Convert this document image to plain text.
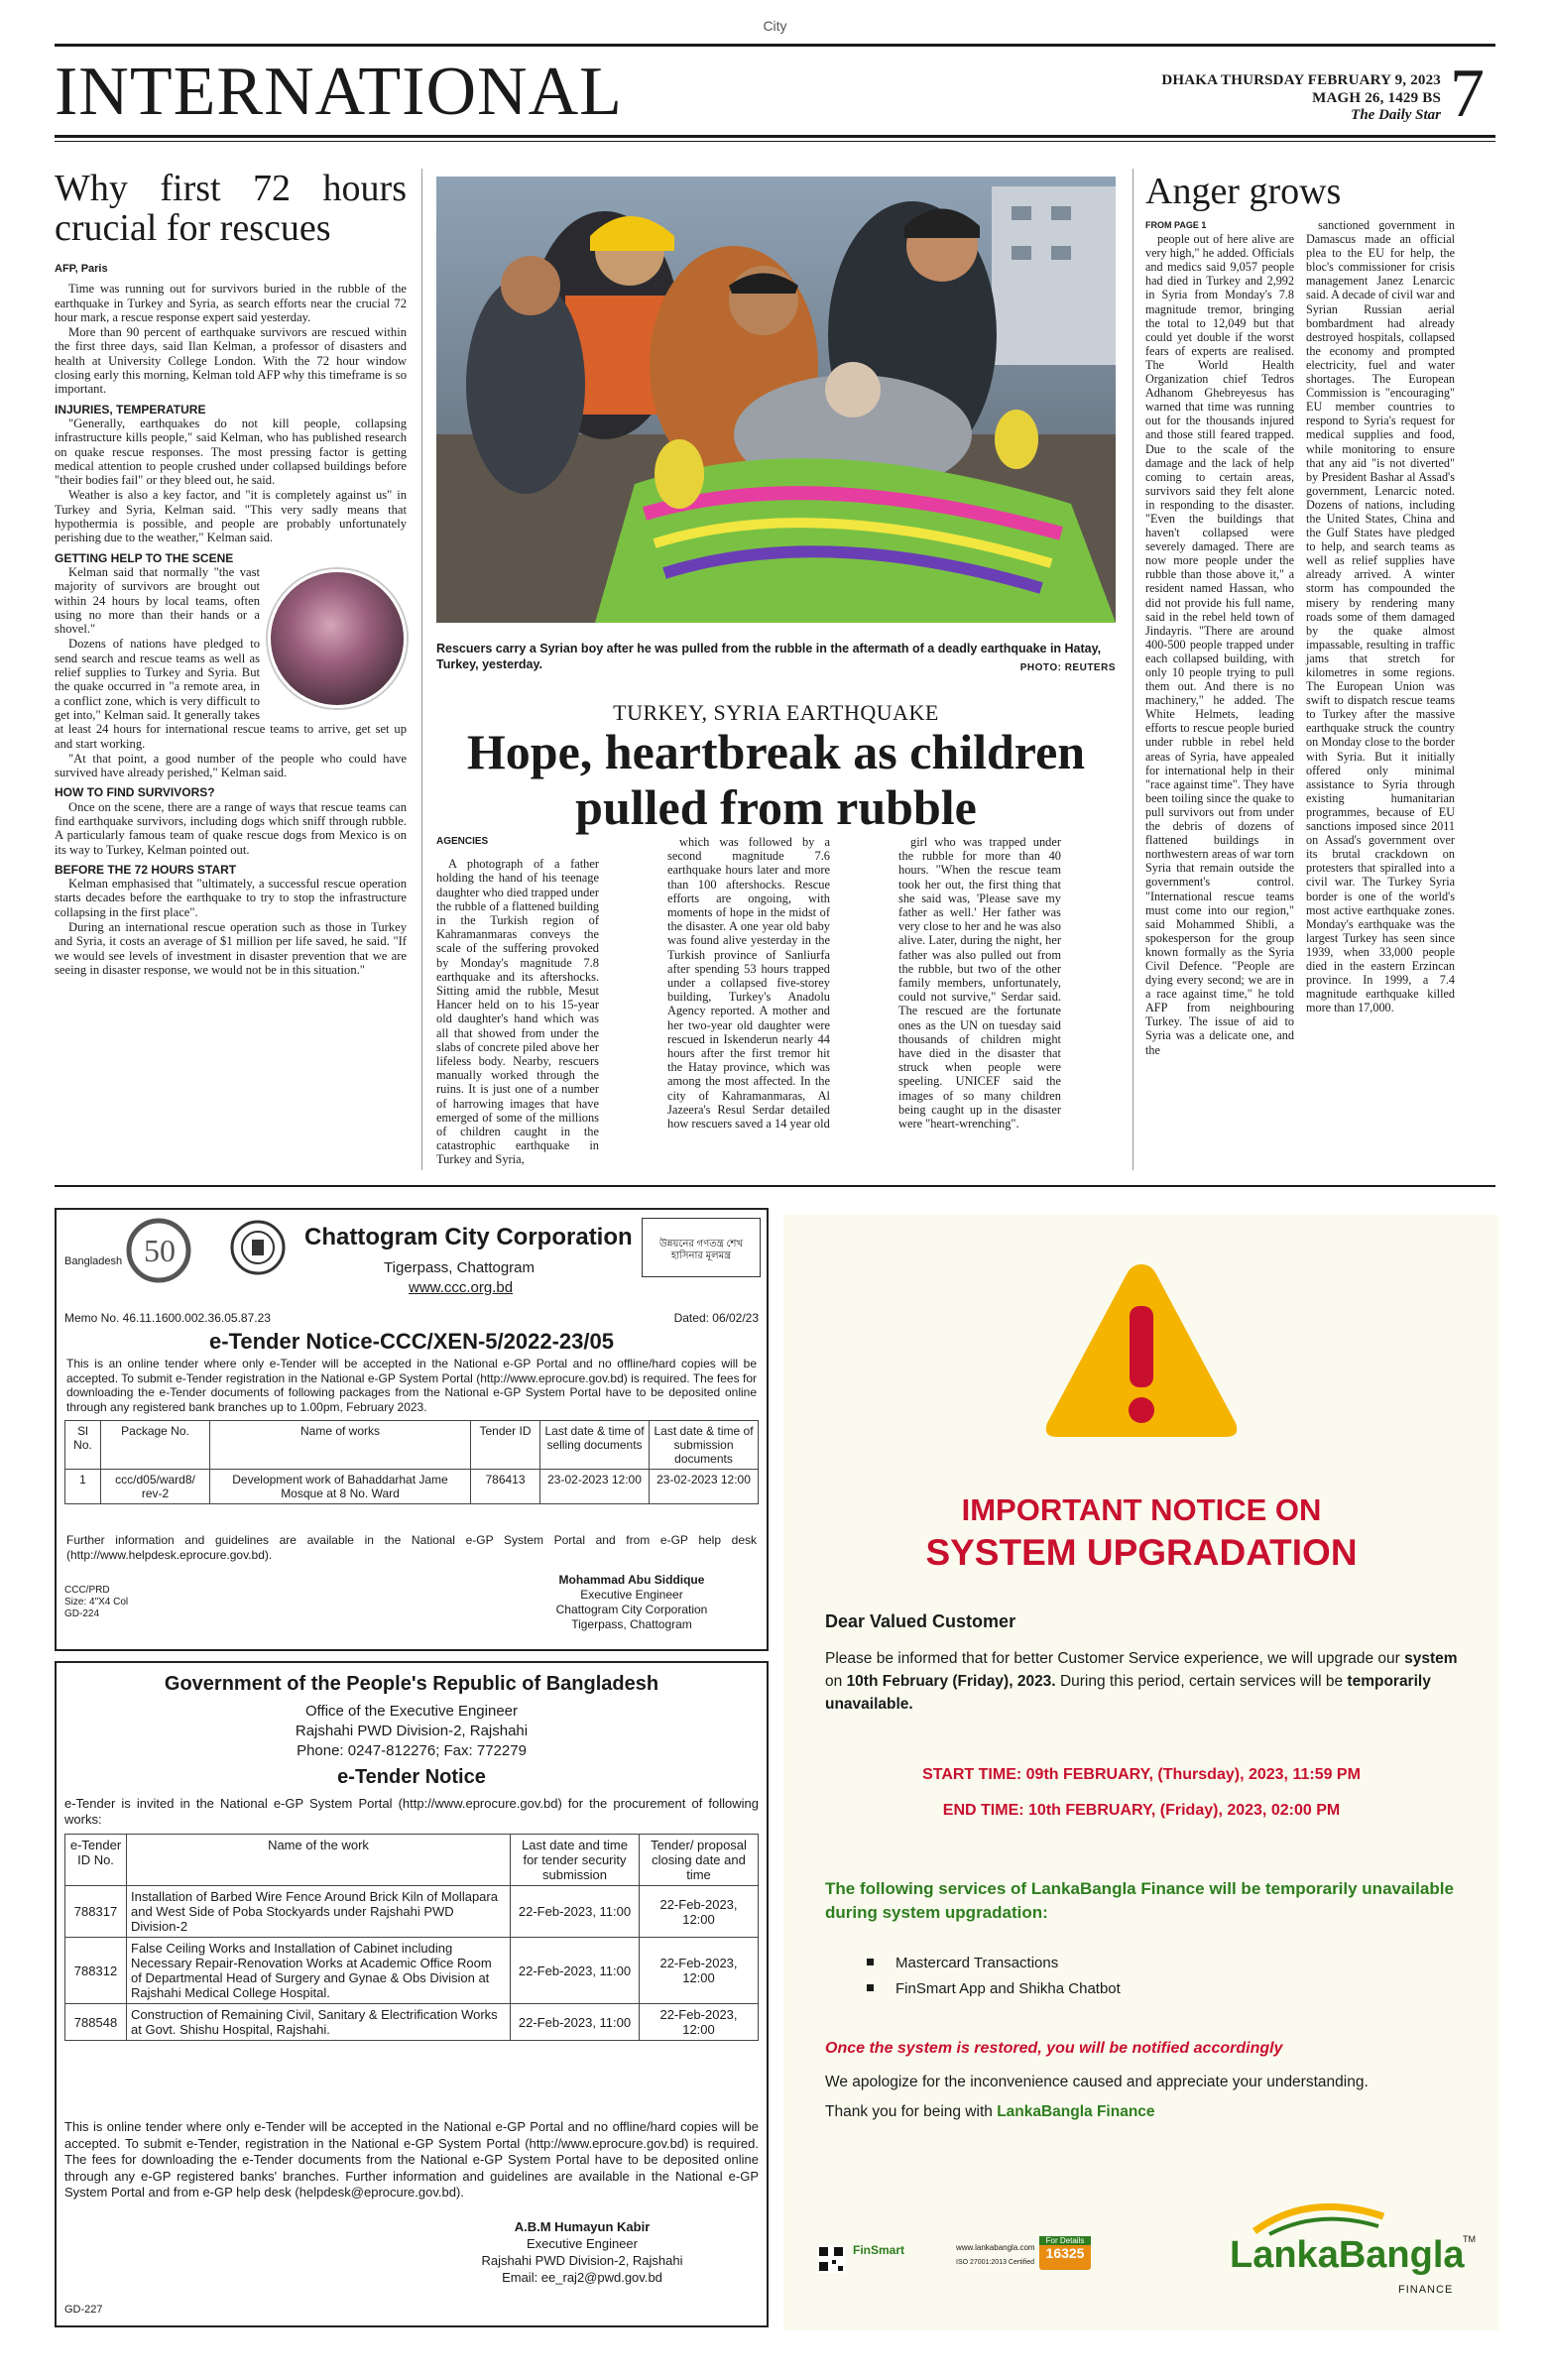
City
INTERNATIONAL	DHAKA THURSDAY FEBRUARY 9, 2023
MAGH 26, 1429 BS
The Daily Star 7
Why first 72 hours crucial for rescues
AFP, Paris

Time was running out for survivors buried in the rubble of the earthquake in Turkey and Syria, as search efforts near the crucial 72 hour mark, a rescue response expert said yesterday.

More than 90 percent of earthquake survivors are rescued within the first three days, said Ilan Kelman, a professor of disasters and health at University College London. With the 72 hour window closing early this morning, Kelman told AFP why this timeframe is so important.

INJURIES, TEMPERATURE

"Generally, earthquakes do not kill people, collapsing infrastructure kills people," said Kelman, who has published research on quake rescue responses. The most pressing factor is getting medical attention to people crushed under collapsed buildings before "their bodies fail" or they bleed out, he said.

Weather is also a key factor, and "it is completely against us" in Turkey and Syria, Kelman said. "This very sadly means that hypothermia is possible, and people are probably unfortunately perishing due to the weather," Kelman said.

GETTING HELP TO THE SCENE

Kelman said that normally "the vast majority of survivors are brought out within 24 hours by local teams, often using no more than their hands or a shovel."

Dozens of nations have pledged to send search and rescue teams as well as relief supplies to Turkey and Syria. But the quake occurred in "a remote area, in a conflict zone, which is very difficult to get into," Kelman said. It generally takes at least 24 hours for international rescue teams to arrive, get set up and start working.

"At that point, a good number of the people who could have survived have already perished," Kelman said.

HOW TO FIND SURVIVORS?

Once on the scene, there are a range of ways that rescue teams can find earthquake survivors, including dogs which sniff through rubble. A particularly famous team of quake rescue dogs from Mexico is on its way to Turkey, Kelman pointed out.

BEFORE THE 72 HOURS START

Kelman emphasised that "ultimately, a successful rescue operation starts decades before the earthquake to try to stop the infrastructure collapsing in the first place".

During an international rescue operation such as those in Turkey and Syria, it costs an average of $1 million per life saved, he said. "If we would see levels of investment in disaster prevention that we are seeing in disaster response, we would not be in this situation."

Rescuers carry a Syrian boy after he was pulled from the rubble in the aftermath of a deadly earthquake in Hatay, Turkey, yesterday.	PHOTO: REUTERS
TURKEY, SYRIA EARTHQUAKE
Hope, heartbreak as children pulled from rubble
AGENCIES

A photograph of a father holding the hand of his teenage daughter who died trapped under the rubble of a flattened building in the Turkish region of Kahramanmaras conveys the scale of the suffering provoked by Monday's magnitude 7.8 earthquake and its aftershocks. Sitting amid the rubble, Mesut Hancer held on to his 15-year old daughter's hand which was all that showed from under the slabs of concrete piled above her lifeless body. Nearby, rescuers manually worked through the ruins. It is just one of a number of harrowing images that have emerged of some of the millions of children caught in the catastrophic earthquake in Turkey and Syria,

which was followed by a second magnitude 7.6 earthquake hours later and more than 100 aftershocks. Rescue efforts are ongoing, with moments of hope in the midst of the disaster. A one year old baby was found alive yesterday in the Turkish province of Sanliurfa after spending 53 hours trapped under a collapsed five-storey building, Turkey's Anadolu Agency reported. A mother and her two-year old daughter were rescued in Iskenderun nearly 44 hours after the first tremor hit the Hatay province, which was among the most affected. In the city of Kahramanmaras, Al Jazeera's Resul Serdar detailed how rescuers saved a 14 year old

girl who was trapped under the rubble for more than 40 hours. "When the rescue team took her out, the first thing that she said was, 'Please save my father as well.' Her father was very close to her and he was also alive. Later, during the night, her father was also pulled out from the rubble, but two of the other family members, unfortunately, could not survive," Serdar said. The rescued are the fortunate ones as the UN on tuesday said thousands of children might have died in the disaster that struck when people were speeling. UNICEF said the images of so many children being caught up in the disaster were "heart-wrenching".

Anger grows
FROM PAGE 1

people out of here alive are very high," he added. Officials and medics said 9,057 people had died in Turkey and 2,992 in Syria from Monday's 7.8 magnitude tremor, bringing the total to 12,049 but that could yet double if the worst fears of experts are realised. The World Health Organization chief Tedros Adhanom Ghebreyesus has warned that time was running out for the thousands injured and those still feared trapped. Due to the scale of the damage and the lack of help coming to certain areas, survivors said they felt alone in responding to the disaster. "Even the buildings that haven't collapsed were severely damaged. There are now more people under the rubble than those above it," a resident named Hassan, who did not provide his full name, said in the rebel held town of Jindayris. "There are around 400-500 people trapped under each collapsed building, with only 10 people trying to pull them out. And there is no machinery," he added. The White Helmets, leading efforts to rescue people buried under rubble in rebel held areas of Syria, have appealed for international help in their "race against time". They have been toiling since the quake to pull survivors out from under the debris of dozens of flattened buildings in northwestern areas of war torn Syria that remain outside the government's control. "International rescue teams must come into our region," said Mohammed Shibli, a spokesperson for the group known formally as the Syria Civil Defence. "People are dying every second; we are in a race against time," he told AFP from neighbouring Turkey. The issue of aid to Syria was a delicate one, and the

sanctioned government in Damascus made an official plea to the EU for help, the bloc's commissioner for crisis management Janez Lenarcic said. A decade of civil war and Syrian Russian aerial bombardment had already destroyed hospitals, collapsed the economy and prompted electricity, fuel and water shortages. The European Commission is "encouraging" EU member countries to respond to Syria's request for medical supplies and food, while monitoring to ensure that any aid "is not diverted" by President Bashar al Assad's government, Lenarcic noted. Dozens of nations, including the United States, China and the Gulf States have pledged to help, and search teams as well as relief supplies have already arrived. A winter storm has compounded the misery by rendering many roads some of them damaged by the quake almost impassable, resulting in traffic jams that stretch for kilometres in some regions. The European Union was swift to dispatch rescue teams to Turkey after the massive earthquake struck the country on Monday close to the border with Syria. But it initially offered only minimal assistance to Syria through existing humanitarian programmes, because of EU sanctions imposed since 2011 on Assad's government over its brutal crackdown on protesters that spiralled into a civil war. The Turkey Syria border is one of the world's most active earthquake zones. Monday's earthquake was the largest Turkey has seen since 1939, when 33,000 people died in the eastern Erzincan province. In 1999, a 7.4 magnitude earthquake killed more than 17,000.

50
Bangladesh
Chattogram City Corporation
Tigerpass, Chattogram
www.ccc.org.bd
উন্নয়নের গণতন্ত্র শেখ হাসিনার মূলমন্ত্র
Memo No. 46.11.1600.002.36.05.87.23	Dated: 06/02/23
e-Tender Notice-CCC/XEN-5/2022-23/05
This is an online tender where only e-Tender will be accepted in the National e-GP Portal and no offline/hard copies will be accepted. To submit e-Tender registration in the National e-GP System Portal (http://www.eprocure.gov.bd) is required. The fees for downloading the e-Tender documents of following packages from the National e-GP System Portal have to be deposited online through any registered bank branches up to 1.00pm, February 2023.
Sl No.	Package No.	Name of works	Tender ID	Last date & time of selling documents	Last date & time of submission documents
1	ccc/d05/ward8/ rev-2	Development work of Bahaddarhat Jame Mosque at 8 No. Ward	786413	23-02-2023 12:00	23-02-2023 12:00
Further information and guidelines are available in the National e-GP System Portal and from e-GP help desk (http://www.helpdesk.eprocure.gov.bd).
CCC/PRD
Size: 4"X4 Col
GD-224
Mohammad Abu Siddique
Executive Engineer
Chattogram City Corporation
Tigerpass, Chattogram
Government of the People's Republic of Bangladesh
Office of the Executive Engineer
Rajshahi PWD Division-2, Rajshahi
Phone: 0247-812276; Fax: 772279
e-Tender Notice
e-Tender is invited in the National e-GP System Portal (http://www.eprocure.gov.bd) for the procurement of following works:
e-Tender ID No.	Name of the work	Last date and time for tender security submission	Tender/ proposal closing date and time
788317	Installation of Barbed Wire Fence Around Brick Kiln of Mollapara and West Side of Poba Stockyards under Rajshahi PWD Division-2	22-Feb-2023, 11:00	22-Feb-2023, 12:00
788312	False Ceiling Works and Installation of Cabinet including Necessary Repair-Renovation Works at Academic Office Room of Departmental Head of Surgery and Gynae & Obs Division at Rajshahi Medical College Hospital.	22-Feb-2023, 11:00	22-Feb-2023, 12:00
788548	Construction of Remaining Civil, Sanitary & Electrification Works at Govt. Shishu Hospital, Rajshahi.	22-Feb-2023, 11:00	22-Feb-2023, 12:00
This is online tender where only e-Tender will be accepted in the National e-GP Portal and no offline/hard copies will be accepted. To submit e-Tender, registration in the National e-GP System Portal (http://www.eprocure.gov.bd) is required. The fees for downloading the e-Tender documents from the National e-GP System Portal have to be deposited online through any e-GP registered banks' branches. Further information and guidelines are available in the National e-GP System Portal and from e-GP help desk (helpdesk@eprocure.gov.bd).
A.B.M Humayun Kabir
Executive Engineer
Rajshahi PWD Division-2, Rajshahi
Email: ee_raj2@pwd.gov.bd
GD-227
IMPORTANT NOTICE ON
SYSTEM UPGRADATION
Dear Valued Customer
Please be informed that for better Customer Service experience, we will upgrade our system on 10th February (Friday), 2023. During this period, certain services will be temporarily unavailable.
START TIME: 09th FEBRUARY, (Thursday), 2023, 11:59 PM
END TIME: 10th FEBRUARY, (Friday), 2023, 02:00 PM
The following services of LankaBangla Finance will be temporarily unavailable during system upgradation:
Mastercard Transactions
FinSmart App and Shikha Chatbot
Once the system is restored, you will be notified accordingly
We apologize for the inconvenience caused and appreciate your understanding.
Thank you for being with LankaBangla Finance
FinSmart	www.lankabangla.com
ISO 27001:2013 Certified
For Details
16325	LankaBangla
TM
FINANCE
